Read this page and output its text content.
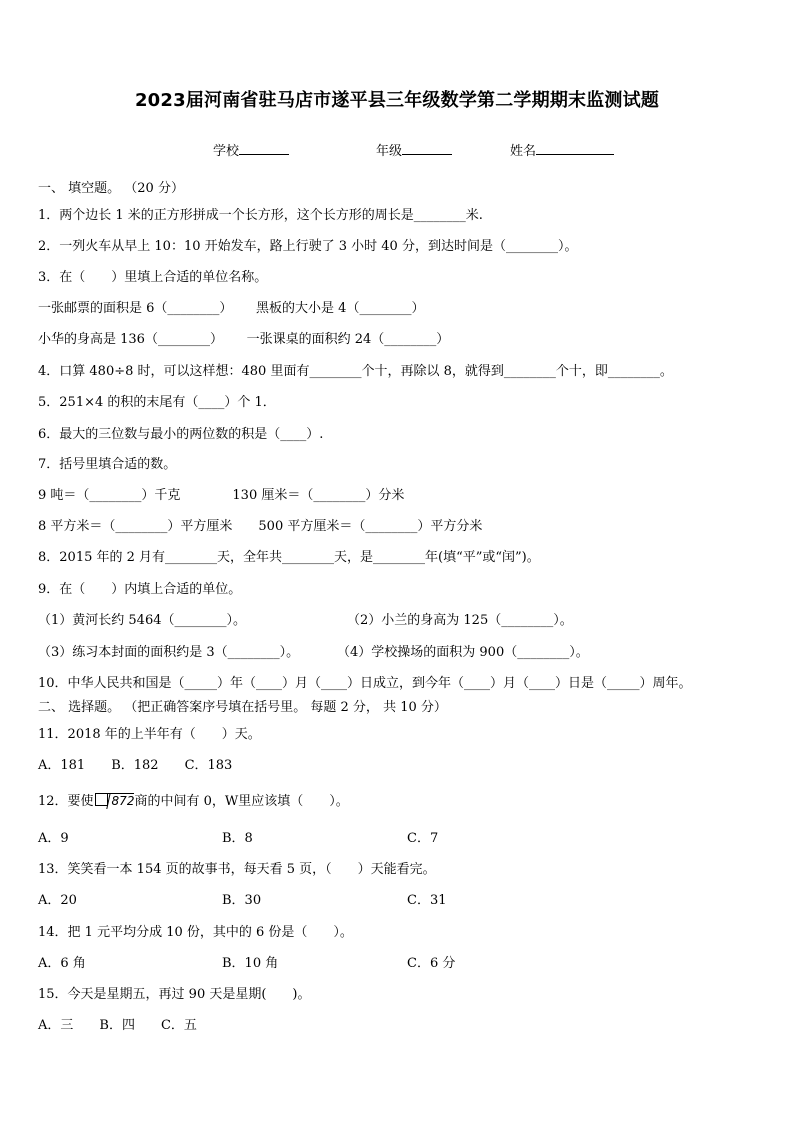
2023届河南省驻马店市遂平县三年级数学第二学期期末监测试题
学校	年级	姓名
一、 填空题。 （20 分）
1．两个边长 1 米的正方形拼成一个长方形，这个长方形的周长是________米.
2．一列火车从早上 10：10 开始发车，路上行驶了 3 小时 40 分，到达时间是（________）。
3．在（　　）里填上合适的单位名称。
一张邮票的面积是 6（________）　　 黑板的大小是 4（________）
小华的身高是 136（________）　　 一张课桌的面积约 24（________）
4．口算 480÷8 时，可以这样想：480 里面有________个十，再除以 8，就得到________个十，即________。
5．251×4 的积的末尾有（____）个 1．
6．最大的三位数与最小的两位数的积是（____）.
7．括号里填合适的数。
9 吨＝（________）千克　　　　130 厘米＝（________）分米
8 平方米＝（________）平方厘米　　500 平方厘米＝（________）平方分米
8．2015 年的 2 月有________天，全年共________天，是________年(填“平”或“闰”)。
9．在（　　）内填上合适的单位。
（1）黄河长约 5464（________）。	（2）小兰的身高为 125（________）。
（3）练习本封面的面积约是 3（________）。	（4）学校操场的面积为 900（________）。
10．中华人民共和国是（_____）年（____）月（____）日成立，到今年（____）月（____）日是（_____）周年。
二、 选择题。 （把正确答案序号填在括号里。 每题 2 分， 共 10 分）
11．2018 年的上半年有（　　）天。
A．181　　B．182　　C．183
12．要使 872商的中间有 0，W里应该填（　　）。
A．9	B．8	C．7
13．笑笑看一本 154 页的故事书，每天看 5 页，（　　）天能看完。
A．20	B．30	C．31
14．把 1 元平均分成 10 份，其中的 6 份是（　　）。
A．6 角	B．10 角	C．6 分
15．今天是星期五，再过 90 天是星期(　　)。
A．三　　B．四　　C．五
